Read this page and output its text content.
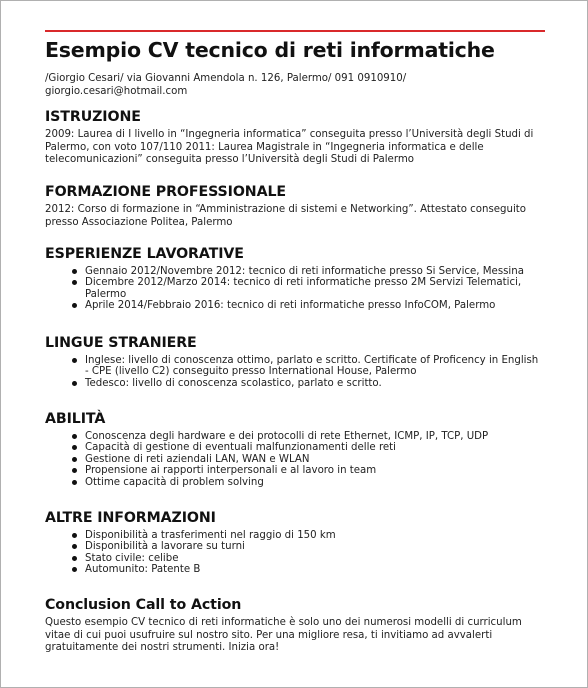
Esempio CV tecnico di reti informatiche
/Giorgio Cesari/ via Giovanni Amendola n. 126, Palermo/ 091 0910910/ giorgio.cesari@hotmail.com
ISTRUZIONE

2009: Laurea di I livello in “Ingegneria informatica” conseguita presso l’Università degli Studi di Palermo, con voto 107/110 2011: Laurea Magistrale in “Ingegneria informatica e delle telecomunicazioni” conseguita presso l’Università degli Studi di Palermo

FORMAZIONE PROFESSIONALE

2012: Corso di formazione in “Amministrazione di sistemi e Networking”. Attestato conseguito presso Associazione Politea, Palermo

ESPERIENZE LAVORATIVE
Gennaio 2012/Novembre 2012: tecnico di reti informatiche presso Si Service, Messina
Dicembre 2012/Marzo 2014: tecnico di reti informatiche presso 2M Servizi Telematici, Palermo
Aprile 2014/Febbraio 2016: tecnico di reti informatiche presso InfoCOM, Palermo
LINGUE STRANIERE
Inglese: livello di conoscenza ottimo, parlato e scritto. Certificate of Proficency in English - CPE (livello C2) conseguito presso International House, Palermo
Tedesco: livello di conoscenza scolastico, parlato e scritto.
ABILITÀ
Conoscenza degli hardware e dei protocolli di rete Ethernet, ICMP, IP, TCP, UDP
Capacità di gestione di eventuali malfunzionamenti delle reti
Gestione di reti aziendali LAN, WAN e WLAN
Propensione ai rapporti interpersonali e al lavoro in team
Ottime capacità di problem solving
ALTRE INFORMAZIONI
Disponibilità a trasferimenti nel raggio di 150 km
Disponibilità a lavorare su turni
Stato civile: celibe
Automunito: Patente B
Conclusion Call to Action

Questo esempio CV tecnico di reti informatiche è solo uno dei numerosi modelli di curriculum vitae di cui puoi usufruire sul nostro sito. Per una migliore resa, ti invitiamo ad avvalerti gratuitamente dei nostri strumenti. Inizia ora!
